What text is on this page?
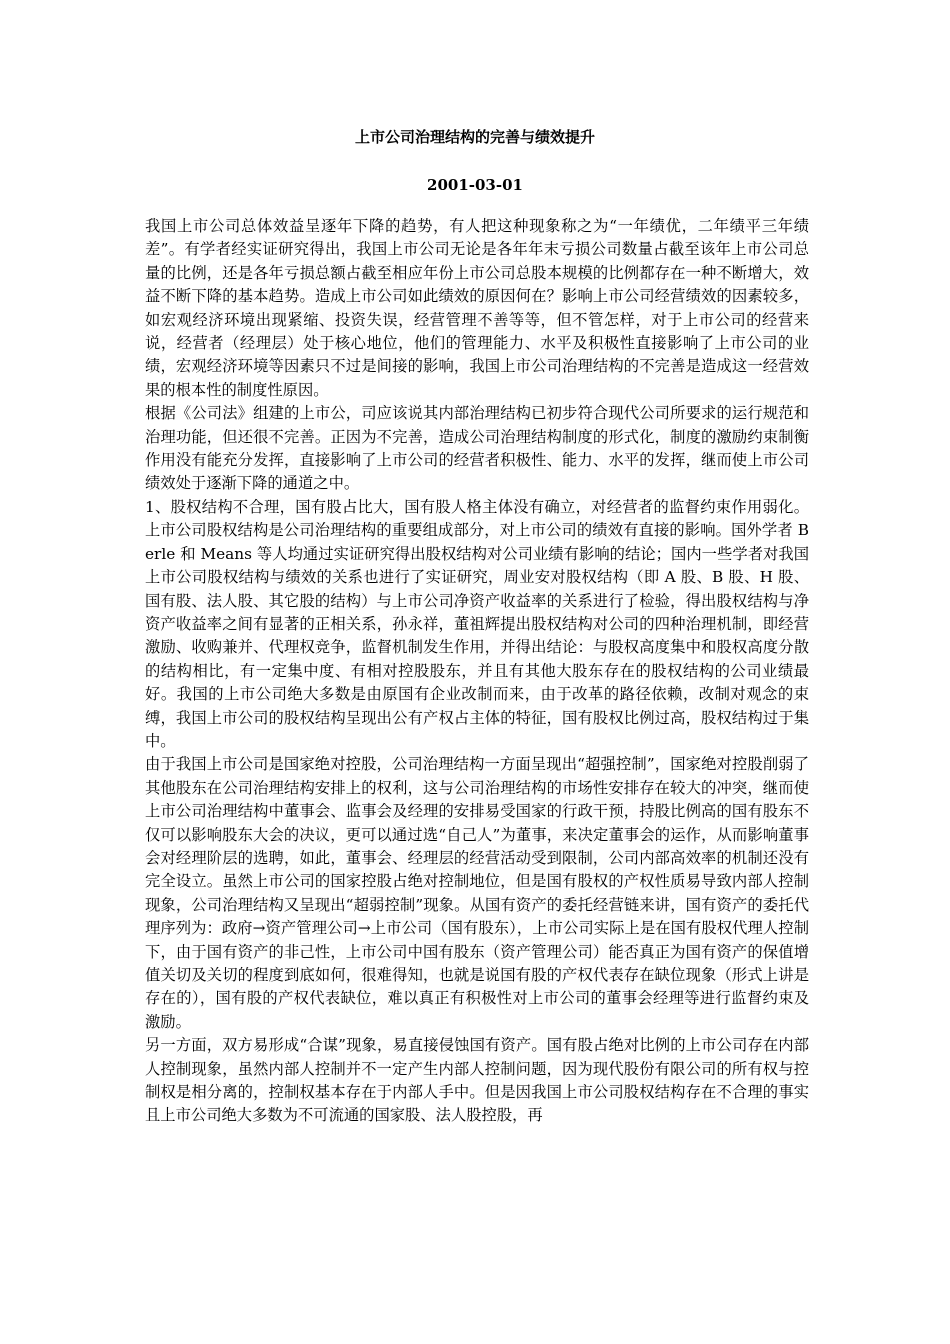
上市公司治理结构的完善与绩效提升
2001-03-01

我国上市公司总体效益呈逐年下降的趋势，有人把这种现象称之为“一年绩优，二年绩平三年绩差”。有学者经实证研究得出，我国上市公司无论是各年年末亏损公司数量占截至该年上市公司总量的比例，还是各年亏损总额占截至相应年份上市公司总股本规模的比例都存在一种不断增大，效益不断下降的基本趋势。造成上市公司如此绩效的原因何在？影响上市公司经营绩效的因素较多，如宏观经济环境出现紧缩、投资失误，经营管理不善等等，但不管怎样，对于上市公司的经营来说，经营者（经理层）处于核心地位，他们的管理能力、水平及积极性直接影响了上市公司的业绩，宏观经济环境等因素只不过是间接的影响，我国上市公司治理结构的不完善是造成这一经营效果的根本性的制度性原因。

根据《公司法》组建的上市公，司应该说其内部治理结构已初步符合现代公司所要求的运行规范和治理功能，但还很不完善。正因为不完善，造成公司治理结构制度的形式化，制度的激励约束制衡作用没有能充分发挥，直接影响了上市公司的经营者积极性、能力、水平的发挥，继而使上市公司绩效处于逐渐下降的通道之中。

1、股权结构不合理，国有股占比大，国有股人格主体没有确立，对经营者的监督约束作用弱化。上市公司股权结构是公司治理结构的重要组成部分，对上市公司的绩效有直接的影响。国外学者 Berle 和 Means 等人均通过实证研究得出股权结构对公司业绩有影响的结论；国内一些学者对我国上市公司股权结构与绩效的关系也进行了实证研究，周业安对股权结构（即 A 股、B 股、H 股、国有股、法人股、其它股的结构）与上市公司净资产收益率的关系进行了检验，得出股权结构与净资产收益率之间有显著的正相关系，孙永祥，董祖辉提出股权结构对公司的四种治理机制，即经营激励、收购兼并、代理权竞争，监督机制发生作用，并得出结论：与股权高度集中和股权高度分散的结构相比，有一定集中度、有相对控股股东，并且有其他大股东存在的股权结构的公司业绩最好。我国的上市公司绝大多数是由原国有企业改制而来，由于改革的路径依赖，改制对观念的束缚，我国上市公司的股权结构呈现出公有产权占主体的特征，国有股权比例过高，股权结构过于集中。

由于我国上市公司是国家绝对控股，公司治理结构一方面呈现出“超强控制”，国家绝对控股削弱了其他股东在公司治理结构安排上的权利，这与公司治理结构的市场性安排存在较大的冲突，继而使上市公司治理结构中董事会、监事会及经理的安排易受国家的行政干预，持股比例高的国有股东不仅可以影响股东大会的决议，更可以通过选“自己人”为董事，来决定董事会的运作，从而影响董事会对经理阶层的选聘，如此，董事会、经理层的经营活动受到限制，公司内部高效率的机制还没有完全设立。虽然上市公司的国家控股占绝对控制地位，但是国有股权的产权性质易导致内部人控制现象，公司治理结构又呈现出“超弱控制”现象。从国有资产的委托经营链来讲，国有资产的委托代理序列为：政府→资产管理公司→上市公司（国有股东），上市公司实际上是在国有股权代理人控制下，由于国有资产的非己性，上市公司中国有股东（资产管理公司）能否真正为国有资产的保值增值关切及关切的程度到底如何，很难得知，也就是说国有股的产权代表存在缺位现象（形式上讲是存在的），国有股的产权代表缺位，难以真正有积极性对上市公司的董事会经理等进行监督约束及激励。

另一方面，双方易形成“合谋”现象，易直接侵蚀国有资产。国有股占绝对比例的上市公司存在内部人控制现象，虽然内部人控制并不一定产生内部人控制问题，因为现代股份有限公司的所有权与控制权是相分离的，控制权基本存在于内部人手中。但是因我国上市公司股权结构存在不合理的事实且上市公司绝大多数为不可流通的国家股、法人股控股，再
